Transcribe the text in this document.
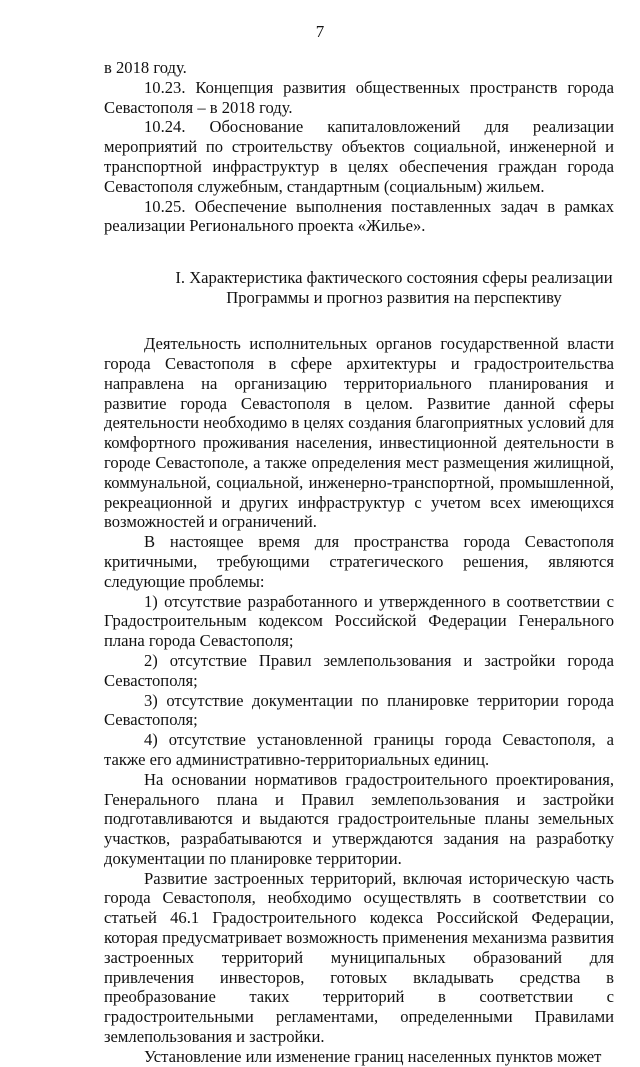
7

в 2018 году.

10.23. Концепция развития общественных пространств города Севастополя – в 2018 году.

10.24. Обоснование капиталовложений для реализации мероприятий по строительству объектов социальной, инженерной и транспортной инфраструктур в целях обеспечения граждан города Севастополя служебным, стандартным (социальным) жильем.

10.25. Обеспечение выполнения поставленных задач в рамках реализации Регионального проекта «Жилье».

I. Характеристика фактического состояния сферы реализации
Программы и прогноз развития на перспективу

Деятельность исполнительных органов государственной власти города Севастополя в сфере архитектуры и градостроительства направлена на организацию территориального планирования и развитие города Севастополя в целом. Развитие данной сферы деятельности необходимо в целях создания благоприятных условий для комфортного проживания населения, инвестиционной деятельности в городе Севастополе, а также определения мест размещения жилищной, коммунальной, социальной, инженерно-транспортной, промышленной, рекреационной и других инфраструктур с учетом всех имеющихся возможностей и ограничений.

В настоящее время для пространства города Севастополя критичными, требующими стратегического решения, являются следующие проблемы:

1) отсутствие разработанного и утвержденного в соответствии с Градостроительным кодексом Российской Федерации Генерального плана города Севастополя;

2) отсутствие Правил землепользования и застройки города Севастополя;

3) отсутствие документации по планировке территории города Севастополя;

4) отсутствие установленной границы города Севастополя, а также его административно-территориальных единиц.

На основании нормативов градостроительного проектирования, Генерального плана и Правил землепользования и застройки подготавливаются и выдаются градостроительные планы земельных участков, разрабатываются и утверждаются задания на разработку документации по планировке территории.

Развитие застроенных территорий, включая историческую часть города Севастополя, необходимо осуществлять в соответствии со статьей 46.1 Градостроительного кодекса Российской Федерации, которая предусматривает возможность применения механизма развития застроенных территорий муниципальных образований для привлечения инвесторов, готовых вкладывать средства в преобразование таких территорий в соответствии с градостроительными регламентами, определенными Правилами землепользования и застройки.

Установление или изменение границ населенных пунктов может
